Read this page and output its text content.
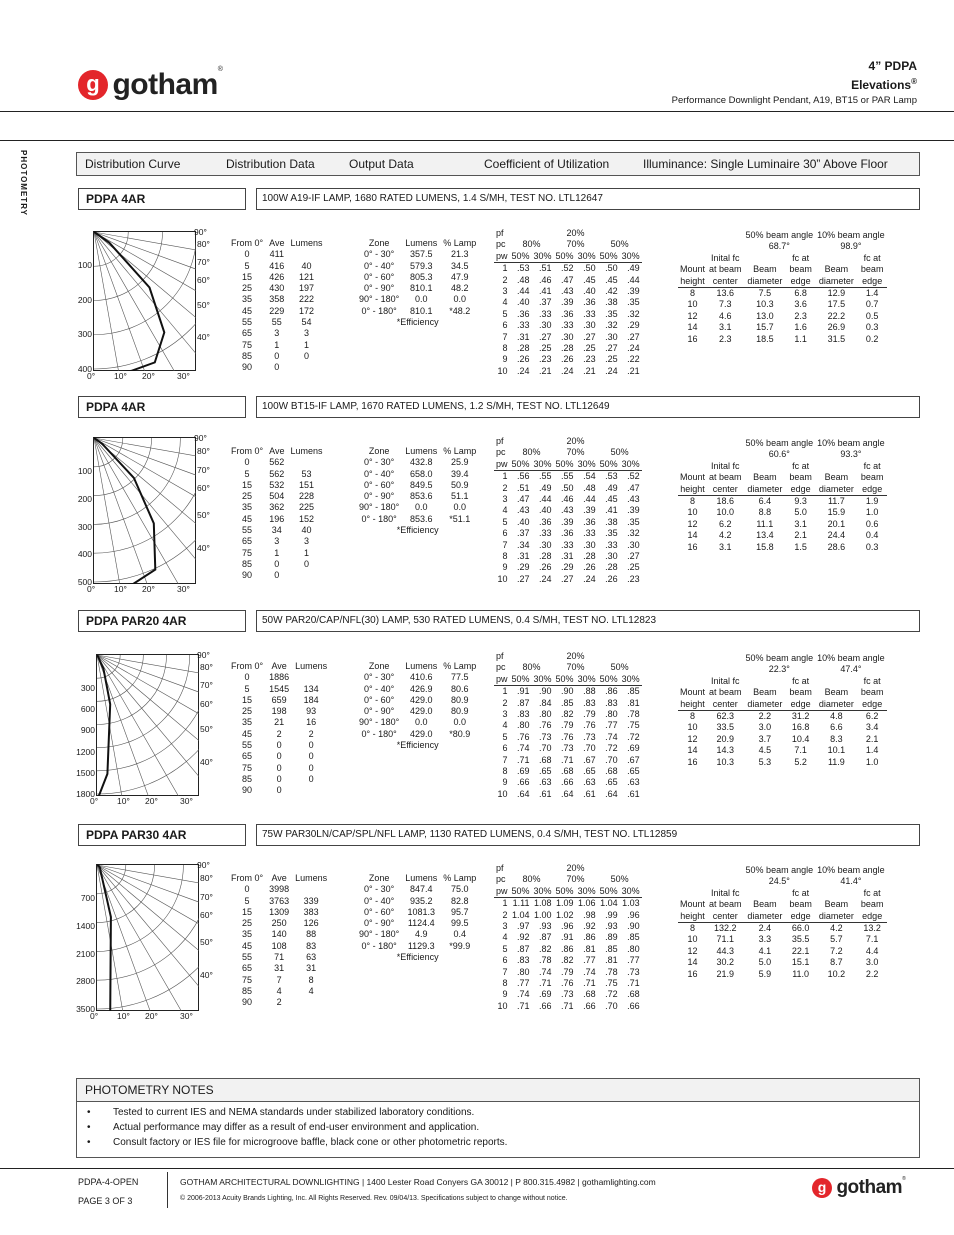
g gotham®	4” PDPA
Elevations®
Performance Downlight Pendant, A19, BT15 or PAR Lamp
PHOTOMETRY	Distribution Curve	Distribution Data	Output Data	Coefficient of Utilization	Illuminance: Single Luminaire 30” Above Floor
PDPA 4AR	100W A19-IF LAMP, 1680 RATED LUMENS, 1.4 S/MH, TEST NO. LTL12647
90°
80°
70°
60°
50°
40°
0° 10° 20°	30°
100
200
300
400
From 0°	Ave	Lumens
0	411	
5	416	40
15	426	121
25	430	197
35	358	222
45	229	172
55	55	54
65	3	3
75	1	1
85	0	0
90	0	
Zone	Lumens	% Lamp
0° - 30°	357.5	21.3
0° - 40°	579.3	34.5
0° - 60°	805.3	47.9
0° - 90°	810.1	48.2
90° - 180°	0.0	0.0
0° - 180°	810.1	*48.2
*Efficiency		
pf	20%					
pc	80%		70%		50%	
pw	50%	30%	50%	30%	50%	30%
1	.53	.51	.52	.50	.50	.49
2	.48	.46	.47	.45	.45	.44
3	.44	.41	.43	.40	.42	.39
4	.40	.37	.39	.36	.38	.35
5	.36	.33	.36	.33	.35	.32
6	.33	.30	.33	.30	.32	.29
7	.31	.27	.30	.27	.30	.27
8	.28	.25	.28	.25	.27	.24
9	.26	.23	.26	.23	.25	.22
10	.24	.21	.24	.21	.24	.21
		50% beam angle		10% beam angle	
		68.7°		98.9°	
	Inital fc		fc at		fc at
Mount	at beam	Beam	beam	Beam	beam
height	center	diameter	edge	diameter	edge
8	13.6	7.5	6.8	12.9	1.4
10	7.3	10.3	3.6	17.5	0.7
12	4.6	13.0	2.3	22.2	0.5
14	3.1	15.7	1.6	26.9	0.3
16	2.3	18.5	1.1	31.5	0.2
PDPA 4AR	100W BT15-IF LAMP, 1670 RATED LUMENS, 1.2 S/MH, TEST NO. LTL12649
90°
80°
70°
60°
50°
40°
0° 10° 20°	30°
100
200
300
400
500
From 0°	Ave	Lumens
0	562	
5	562	53
15	532	151
25	504	228
35	362	225
45	196	152
55	34	40
65	3	3
75	1	1
85	0	0
90	0	
Zone	Lumens	% Lamp
0° - 30°	432.8	25.9
0° - 40°	658.0	39.4
0° - 60°	849.5	50.9
0° - 90°	853.6	51.1
90° - 180°	0.0	0.0
0° - 180°	853.6	*51.1
*Efficiency		
pf	20%					
pc	80%		70%		50%	
pw	50%	30%	50%	30%	50%	30%
1	.56	.55	.55	.54	.53	.52
2	.51	.49	.50	.48	.49	.47
3	.47	.44	.46	.44	.45	.43
4	.43	.40	.43	.39	.41	.39
5	.40	.36	.39	.36	.38	.35
6	.37	.33	.36	.33	.35	.32
7	.34	.30	.33	.30	.33	.30
8	.31	.28	.31	.28	.30	.27
9	.29	.26	.29	.26	.28	.25
10	.27	.24	.27	.24	.26	.23
		50% beam angle		10% beam angle	
		60.6°		93.3°	
	Inital fc		fc at		fc at
Mount	at beam	Beam	beam	Beam	beam
height	center	diameter	edge	diameter	edge
8	18.6	6.4	9.3	11.7	1.9
10	10.0	8.8	5.0	15.9	1.0
12	6.2	11.1	3.1	20.1	0.6
14	4.2	13.4	2.1	24.4	0.4
16	3.1	15.8	1.5	28.6	0.3
PDPA PAR20 4AR	50W PAR20/CAP/NFL(30) LAMP, 530 RATED LUMENS, 0.4 S/MH, TEST NO. LTL12823
90°
80°
70°
60°
50°
40°
0° 10° 20°	30°
300
600
900
1200
1500
1800
From 0°	Ave	Lumens
0	1886	
5	1545	134
15	659	184
25	198	93
35	21	16
45	2	2
55	0	0
65	0	0
75	0	0
85	0	0
90	0	
Zone	Lumens	% Lamp
0° - 30°	410.6	77.5
0° - 40°	426.9	80.6
0° - 60°	429.0	80.9
0° - 90°	429.0	80.9
90° - 180°	0.0	0.0
0° - 180°	429.0	*80.9
*Efficiency		
pf	20%					
pc	80%		70%		50%	
pw	50%	30%	50%	30%	50%	30%
1	.91	.90	.90	.88	.86	.85
2	.87	.84	.85	.83	.83	.81
3	.83	.80	.82	.79	.80	.78
4	.80	.76	.79	.76	.77	.75
5	.76	.73	.76	.73	.74	.72
6	.74	.70	.73	.70	.72	.69
7	.71	.68	.71	.67	.70	.67
8	.69	.65	.68	.65	.68	.65
9	.66	.63	.66	.63	.65	.63
10	.64	.61	.64	.61	.64	.61
		50% beam angle		10% beam angle	
		22.3°		47.4°	
	Inital fc		fc at		fc at
Mount	at beam	Beam	beam	Beam	beam
height	center	diameter	edge	diameter	edge
8	62.3	2.2	31.2	4.8	6.2
10	33.5	3.0	16.8	6.6	3.4
12	20.9	3.7	10.4	8.3	2.1
14	14.3	4.5	7.1	10.1	1.4
16	10.3	5.3	5.2	11.9	1.0
PDPA PAR30 4AR	75W PAR30LN/CAP/SPL/NFL LAMP, 1130 RATED LUMENS, 0.4 S/MH, TEST NO. LTL12859
90°
80°
70°
60°
50°
40°
0° 10° 20°	30°
700
1400
2100
2800
3500
From 0°	Ave	Lumens
0	3998	
5	3763	339
15	1309	383
25	250	126
35	140	88
45	108	83
55	71	63
65	31	31
75	7	8
85	4	4
90	2	
Zone	Lumens	% Lamp
0° - 30°	847.4	75.0
0° - 40°	935.2	82.8
0° - 60°	1081.3	95.7
0° - 90°	1124.4	99.5
90° - 180°	4.9	0.4
0° - 180°	1129.3	*99.9
*Efficiency		
pf	20%					
pc	80%		70%		50%	
pw	50%	30%	50%	30%	50%	30%
1	1.11	1.08	1.09	1.06	1.04	1.03
2	1.04	1.00	1.02	.98	.99	.96
3	.97	.93	.96	.92	.93	.90
4	.92	.87	.91	.86	.89	.85
5	.87	.82	.86	.81	.85	.80
6	.83	.78	.82	.77	.81	.77
7	.80	.74	.79	.74	.78	.73
8	.77	.71	.76	.71	.75	.71
9	.74	.69	.73	.68	.72	.68
10	.71	.66	.71	.66	.70	.66
		50% beam angle		10% beam angle	
		24.5°		41.4°	
	Inital fc		fc at		fc at
Mount	at beam	Beam	beam	Beam	beam
height	center	diameter	edge	diameter	edge
8	132.2	2.4	66.0	4.2	13.2
10	71.1	3.3	35.5	5.7	7.1
12	44.3	4.1	22.1	7.2	4.4
14	30.2	5.0	15.1	8.7	3.0
16	21.9	5.9	11.0	10.2	2.2
PHOTOMETRY NOTES
• Tested to current IES and NEMA standards under stabilized laboratory conditions.
• Actual performance may differ as a result of end-user environment and application.
• Consult factory or IES file for microgroove baffle, black cone or other photometric reports.
PDPA-4-OPEN
PAGE 3 OF 3
GOTHAM ARCHITECTURAL DOWNLIGHTING | 1400 Lester Road Conyers GA 30012 | P 800.315.4982 | gothamlighting.com
© 2006-2013 Acuity Brands Lighting, Inc. All Rights Reserved. Rev. 09/04/13. Specifications subject to change without notice.
g gotham®
